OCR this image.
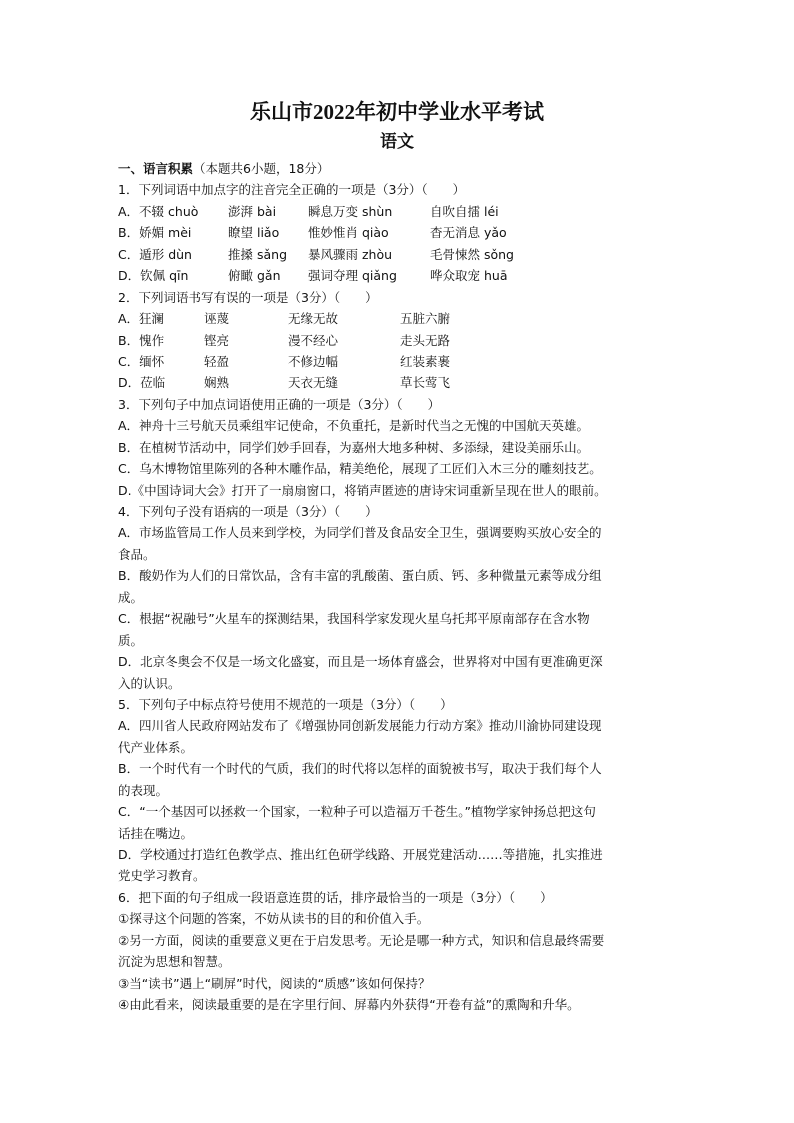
乐山市2022年初中学业水平考试
语文
一、语言积累（本题共6小题，18分）
1．下列词语中加点字的注音完全正确的一项是（3分）（　　）
A．不辍 chuò	澎湃 bài	瞬息万变 shùn	自吹自擂 léi
B．娇媚 mèi	瞭望 liǎo	惟妙惟肖 qiào	杳无消息 yǎo
C．遁形 dùn	推搡 sǎng	暴风骤雨 zhòu	毛骨悚然 sǒng
D．钦佩 qīn	俯瞰 gǎn	强词夺理 qiǎng	哗众取宠 huā
2．下列词语书写有误的一项是（3分）（　　）
A．狂澜	诬蔑	无缘无故	五脏六腑
B．愧作	铿亮	漫不经心	走头无路
C．缅怀	轻盈	不修边幅	红装素裹
D．莅临	娴熟	天衣无缝	草长莺飞
3．下列句子中加点词语使用正确的一项是（3分）（　　）
A．神舟十三号航天员乘组牢记使命，不负重托，是新时代当之无愧的中国航天英雄。
B．在植树节活动中，同学们妙手回春，为嘉州大地多种树、多添绿，建设美丽乐山。
C．乌木博物馆里陈列的各种木雕作品，精美绝伦，展现了工匠们入木三分的雕刻技艺。
D.《中国诗词大会》打开了一扇扇窗口，将销声匿迹的唐诗宋词重新呈现在世人的眼前。
4．下列句子没有语病的一项是（3分）（　　）
A．市场监管局工作人员来到学校，为同学们普及食品安全卫生，强调要购买放心安全的
食品。
B．酸奶作为人们的日常饮品，含有丰富的乳酸菌、蛋白质、钙、多种微量元素等成分组
成。
C．根据“祝融号”火星车的探测结果，我国科学家发现火星乌托邦平原南部存在含水物
质。
D．北京冬奥会不仅是一场文化盛宴，而且是一场体育盛会，世界将对中国有更准确更深
入的认识。
5．下列句子中标点符号使用不规范的一项是（3分）（　　）
A．四川省人民政府网站发布了《增强协同创新发展能力行动方案》推动川渝协同建设现
代产业体系。
B．一个时代有一个时代的气质，我们的时代将以怎样的面貌被书写，取决于我们每个人
的表现。
C．“一个基因可以拯救一个国家，一粒种子可以造福万千苍生。”植物学家钟扬总把这句
话挂在嘴边。
D．学校通过打造红色教学点、推出红色研学线路、开展党建活动……等措施，扎实推进
党史学习教育。
6．把下面的句子组成一段语意连贯的话，排序最恰当的一项是（3分）（　　）
①探寻这个问题的答案，不妨从读书的目的和价值入手。
②另一方面，阅读的重要意义更在于启发思考。无论是哪一种方式，知识和信息最终需要
沉淀为思想和智慧。
③当“读书”遇上“刷屏”时代，阅读的“质感”该如何保持？
④由此看来，阅读最重要的是在字里行间、屏幕内外获得“开卷有益”的熏陶和升华。
